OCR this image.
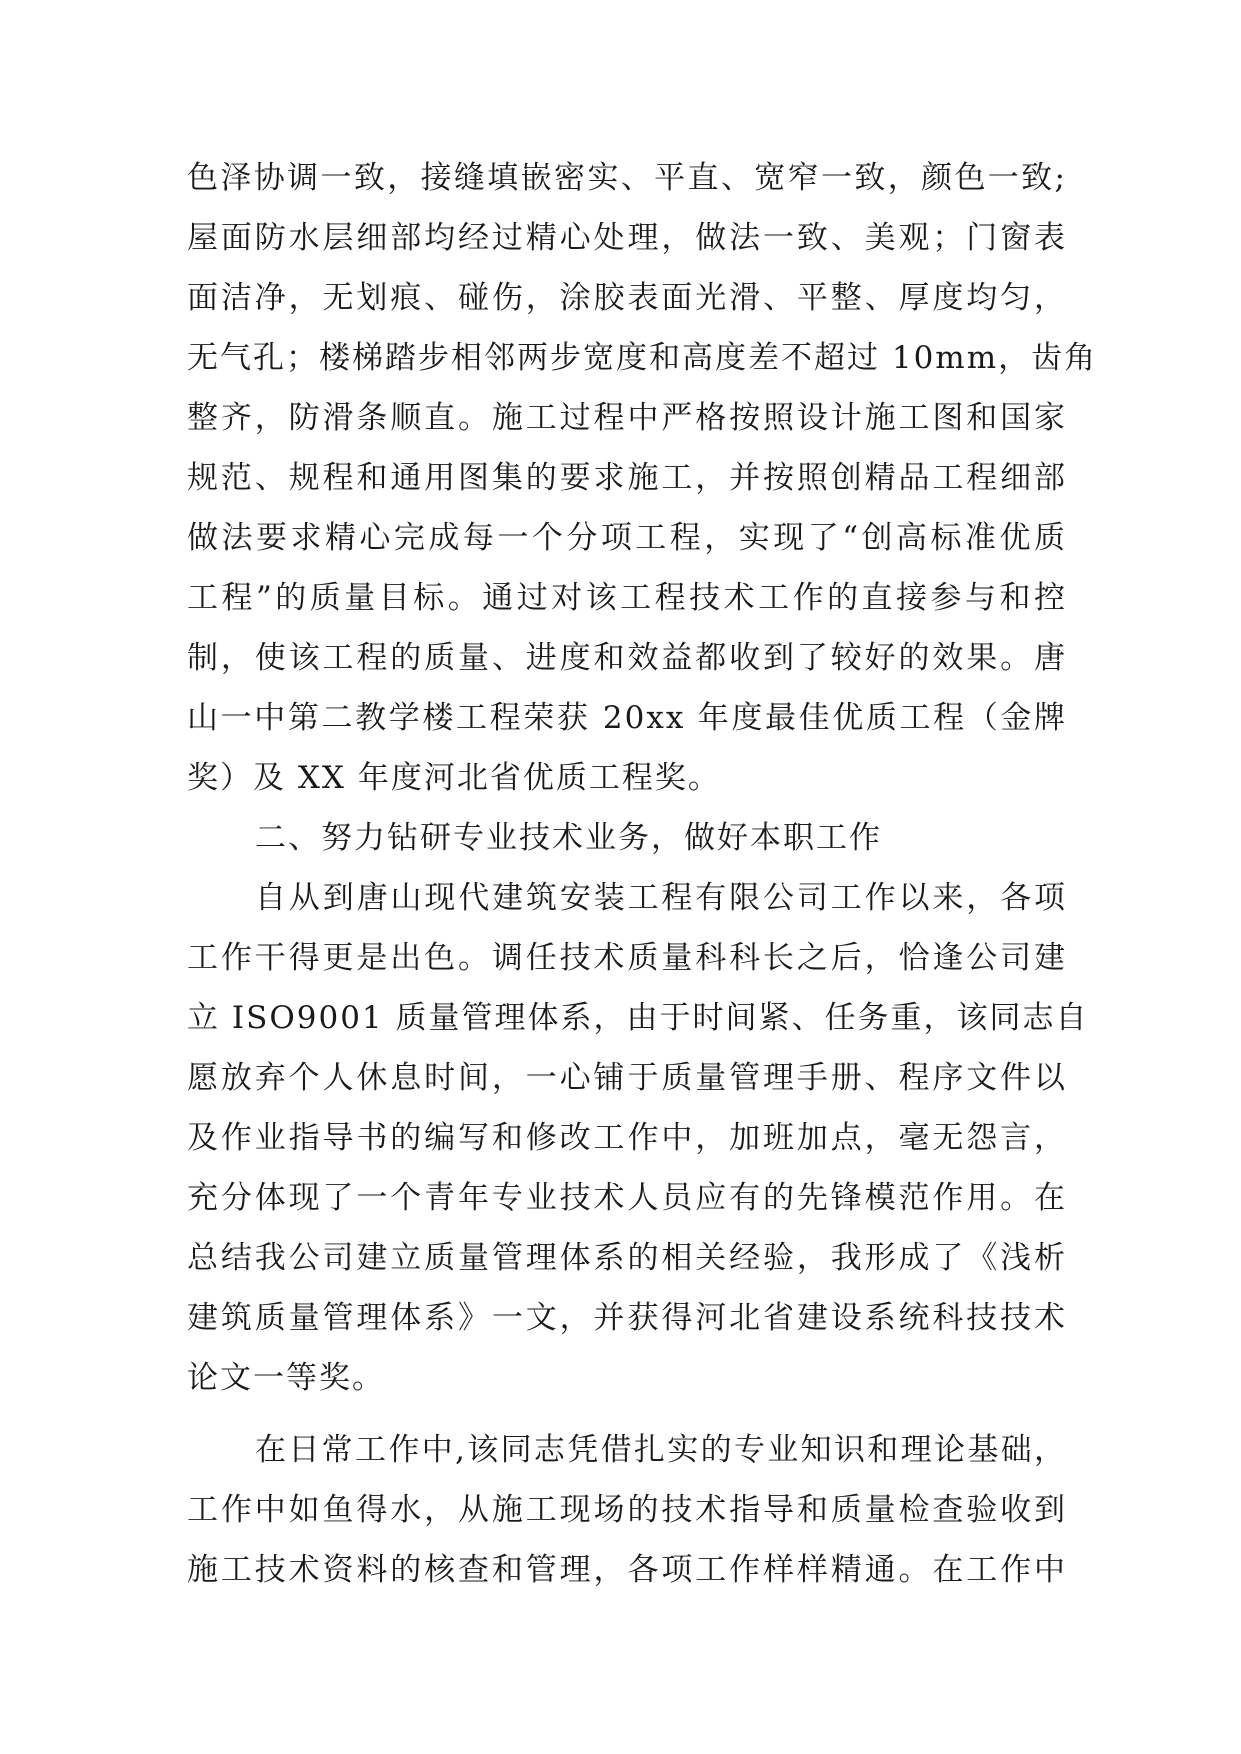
色泽协调一致，接缝填嵌密实、平直、宽窄一致，颜色一致;
屋面防水层细部均经过精心处理，做法一致、美观；门窗表
面洁净，无划痕、碰伤，涂胶表面光滑、平整、厚度均匀，
无气孔；楼梯踏步相邻两步宽度和高度差不超过 10mm，齿角
整齐，防滑条顺直。施工过程中严格按照设计施工图和国家
规范、规程和通用图集的要求施工，并按照创精品工程细部
做法要求精心完成每一个分项工程，实现了“创高标准优质
工程”的质量目标。通过对该工程技术工作的直接参与和控
制，使该工程的质量、进度和效益都收到了较好的效果。唐
山一中第二教学楼工程荣获 20xx 年度最佳优质工程（金牌
奖）及 XX 年度河北省优质工程奖。
二、努力钻研专业技术业务，做好本职工作
自从到唐山现代建筑安装工程有限公司工作以来，各项
工作干得更是出色。调任技术质量科科长之后，恰逢公司建
立 ISO9001 质量管理体系，由于时间紧、任务重，该同志自
愿放弃个人休息时间，一心铺于质量管理手册、程序文件以
及作业指导书的编写和修改工作中，加班加点，毫无怨言，
充分体现了一个青年专业技术人员应有的先锋模范作用。在
总结我公司建立质量管理体系的相关经验，我形成了《浅析
建筑质量管理体系》一文，并获得河北省建设系统科技技术
论文一等奖。
在日常工作中,该同志凭借扎实的专业知识和理论基础，
工作中如鱼得水，从施工现场的技术指导和质量检查验收到
施工技术资料的核查和管理，各项工作样样精通。在工作中
